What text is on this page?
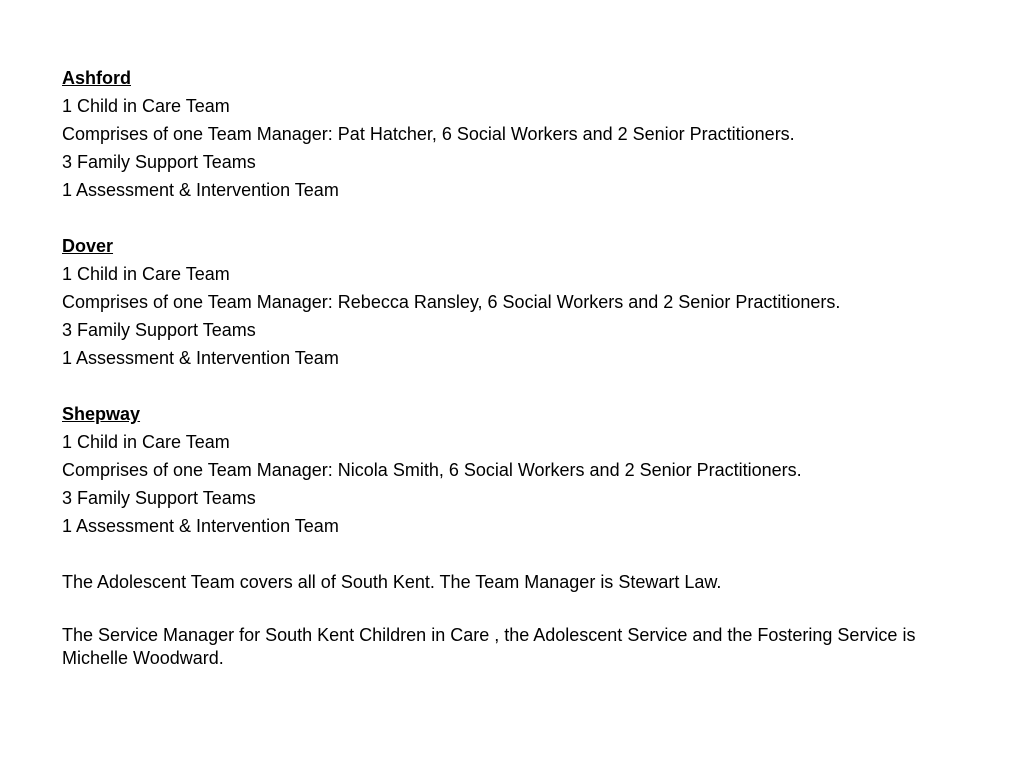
Ashford

1 Child in Care Team

Comprises of one Team Manager: Pat Hatcher, 6 Social Workers and 2 Senior Practitioners.

3 Family Support Teams

1 Assessment & Intervention Team

Dover

1 Child in Care Team

Comprises of one Team Manager: Rebecca Ransley, 6 Social Workers and 2 Senior Practitioners.

3 Family Support Teams

1 Assessment & Intervention Team

Shepway

1 Child in Care Team

Comprises of one Team Manager: Nicola Smith, 6 Social Workers and 2 Senior Practitioners.

3 Family Support Teams

1 Assessment & Intervention Team

The Adolescent Team covers all of South Kent. The Team Manager is Stewart Law.

The Service Manager for South Kent Children in Care , the Adolescent Service and the Fostering Service is Michelle Woodward.
